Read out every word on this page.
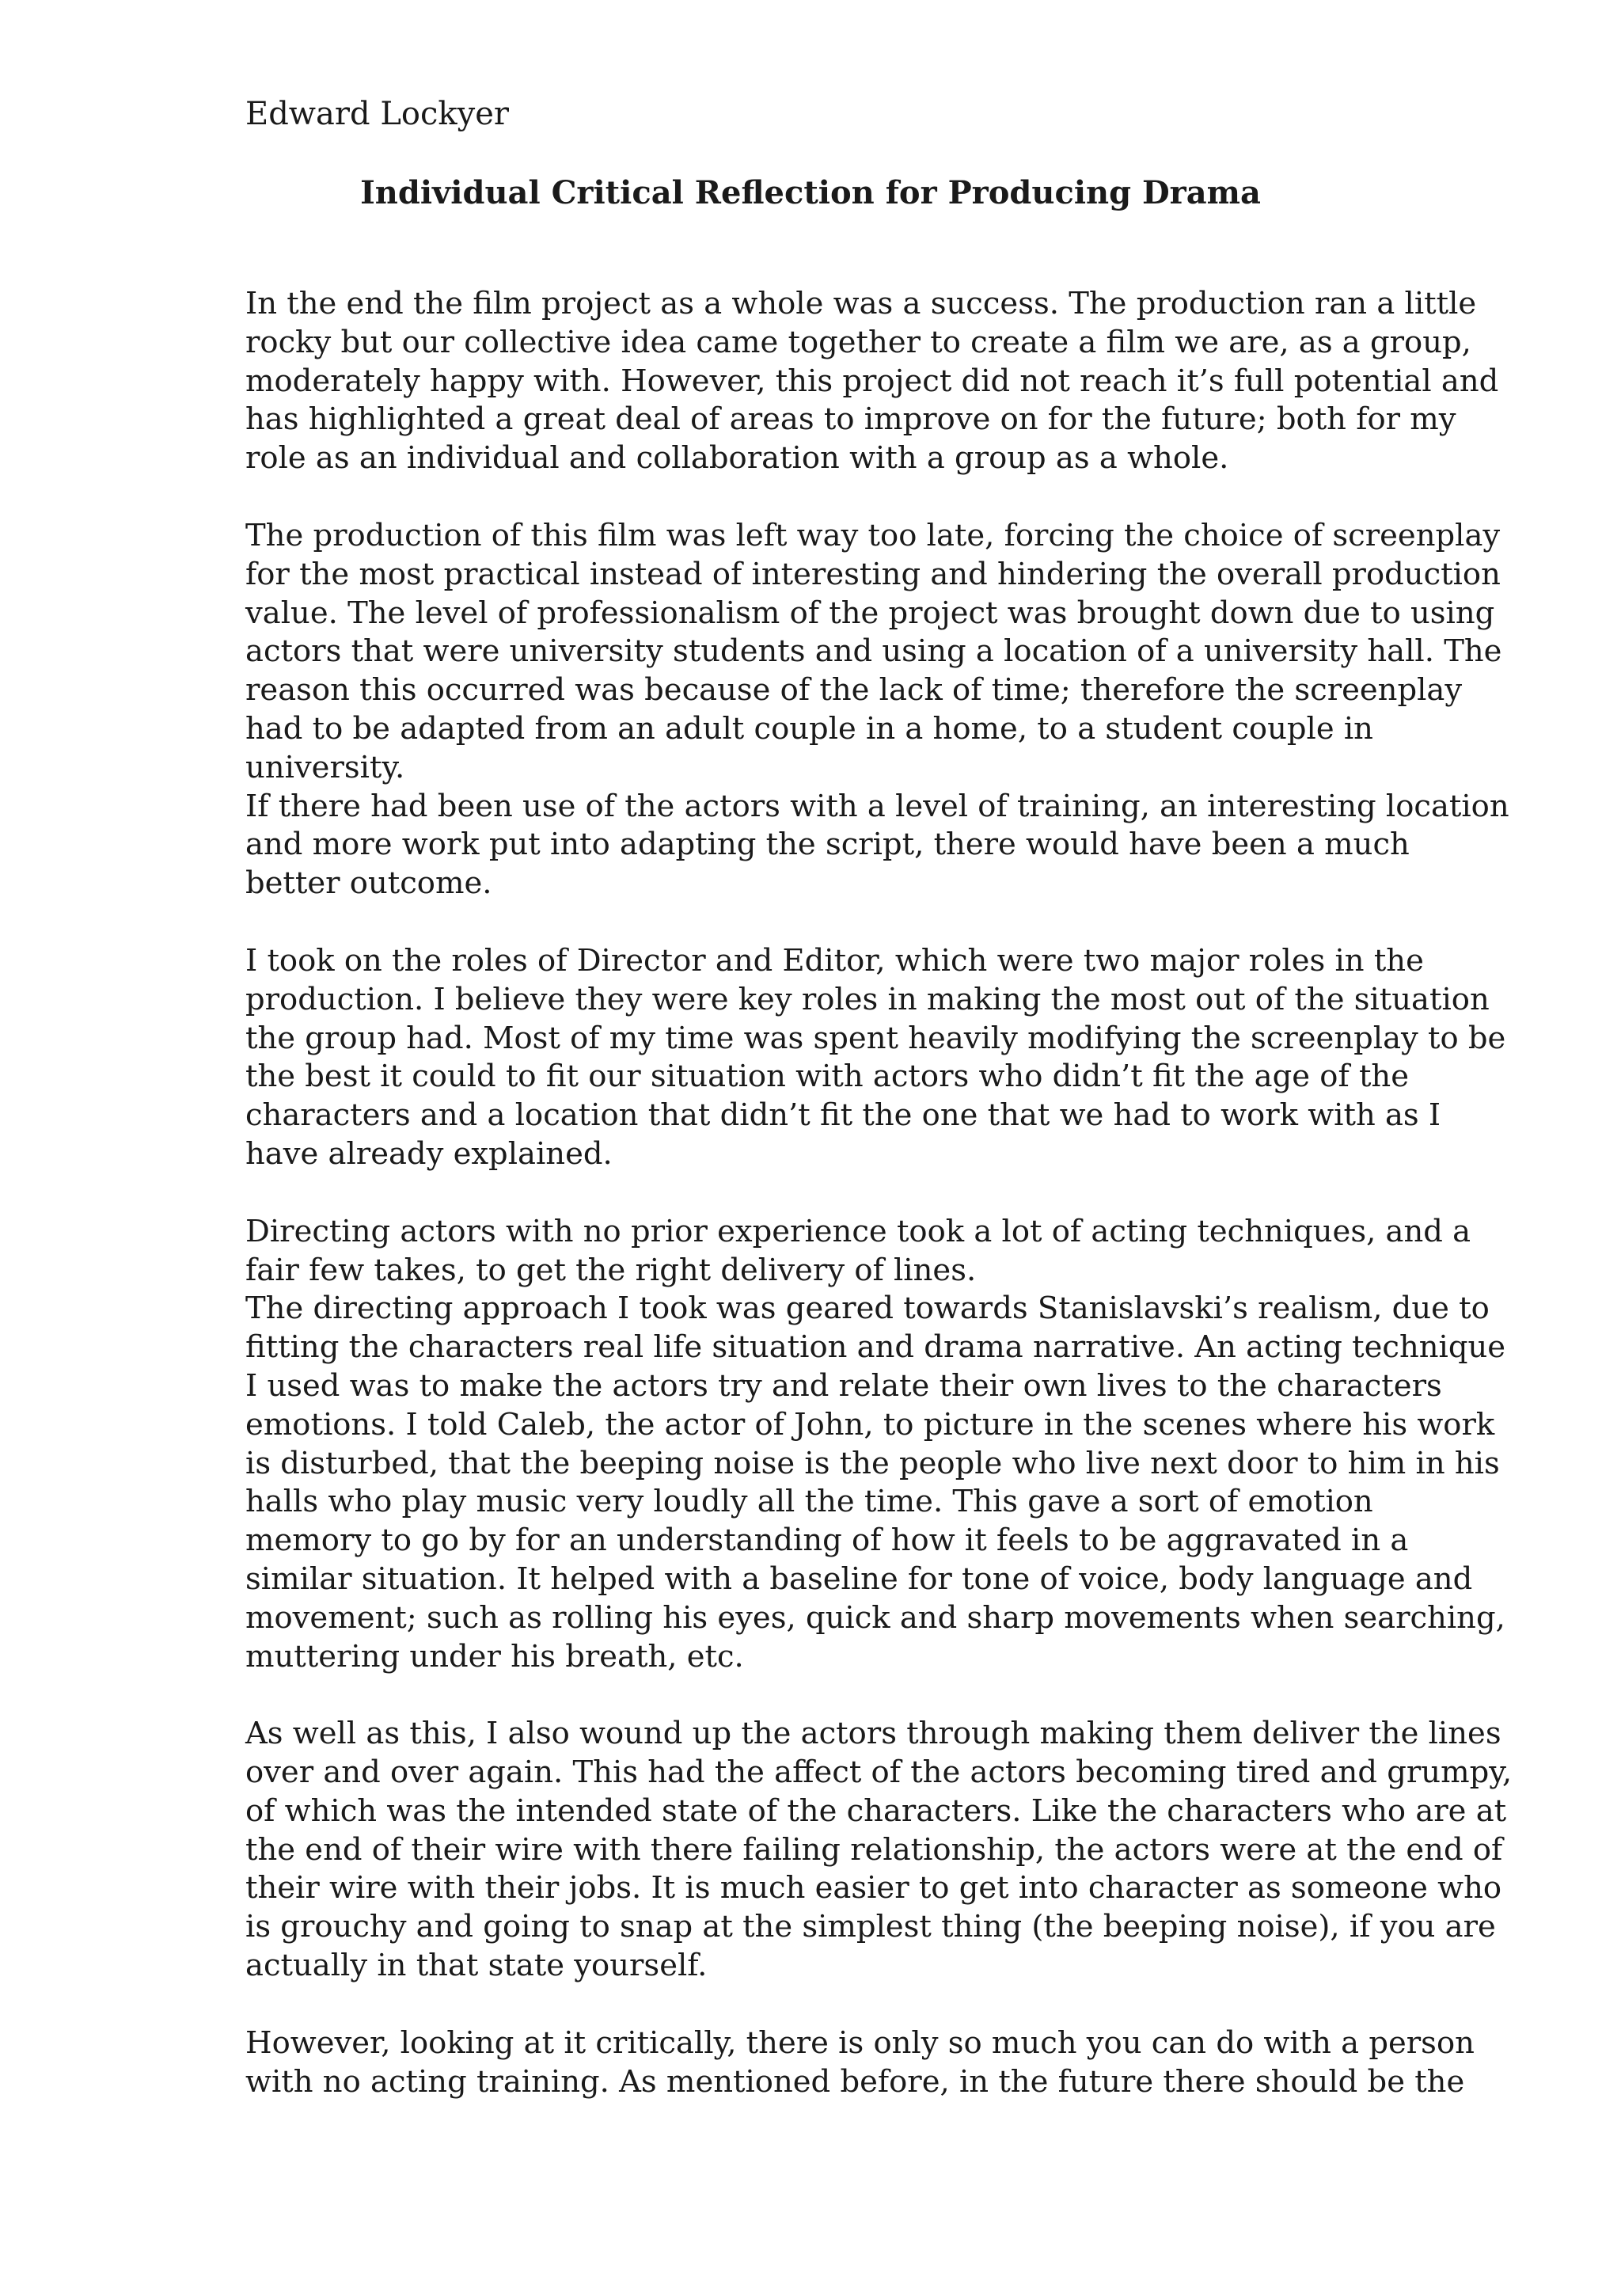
Edward Lockyer

Individual Critical Reflection for Producing Drama

In the end the film project as a whole was a success. The production ran a little
rocky but our collective idea came together to create a film we are, as a group,
moderately happy with. However, this project did not reach it’s full potential and
has highlighted a great deal of areas to improve on for the future; both for my
role as an individual and collaboration with a group as a whole.

The production of this film was left way too late, forcing the choice of screenplay
for the most practical instead of interesting and hindering the overall production
value. The level of professionalism of the project was brought down due to using
actors that were university students and using a location of a university hall. The
reason this occurred was because of the lack of time; therefore the screenplay
had to be adapted from an adult couple in a home, to a student couple in
university.

If there had been use of the actors with a level of training, an interesting location
and more work put into adapting the script, there would have been a much
better outcome.

I took on the roles of Director and Editor, which were two major roles in the
production. I believe they were key roles in making the most out of the situation
the group had. Most of my time was spent heavily modifying the screenplay to be
the best it could to fit our situation with actors who didn’t fit the age of the
characters and a location that didn’t fit the one that we had to work with as I
have already explained.

Directing actors with no prior experience took a lot of acting techniques, and a
fair few takes, to get the right delivery of lines.

The directing approach I took was geared towards Stanislavski’s realism, due to
fitting the characters real life situation and drama narrative. An acting technique
I used was to make the actors try and relate their own lives to the characters
emotions. I told Caleb, the actor of John, to picture in the scenes where his work
is disturbed, that the beeping noise is the people who live next door to him in his
halls who play music very loudly all the time. This gave a sort of emotion
memory to go by for an understanding of how it feels to be aggravated in a
similar situation. It helped with a baseline for tone of voice, body language and
movement; such as rolling his eyes, quick and sharp movements when searching,
muttering under his breath, etc.

As well as this, I also wound up the actors through making them deliver the lines
over and over again. This had the affect of the actors becoming tired and grumpy,
of which was the intended state of the characters. Like the characters who are at
the end of their wire with there failing relationship, the actors were at the end of
their wire with their jobs. It is much easier to get into character as someone who
is grouchy and going to snap at the simplest thing (the beeping noise), if you are
actually in that state yourself.

However, looking at it critically, there is only so much you can do with a person
with no acting training. As mentioned before, in the future there should be the
